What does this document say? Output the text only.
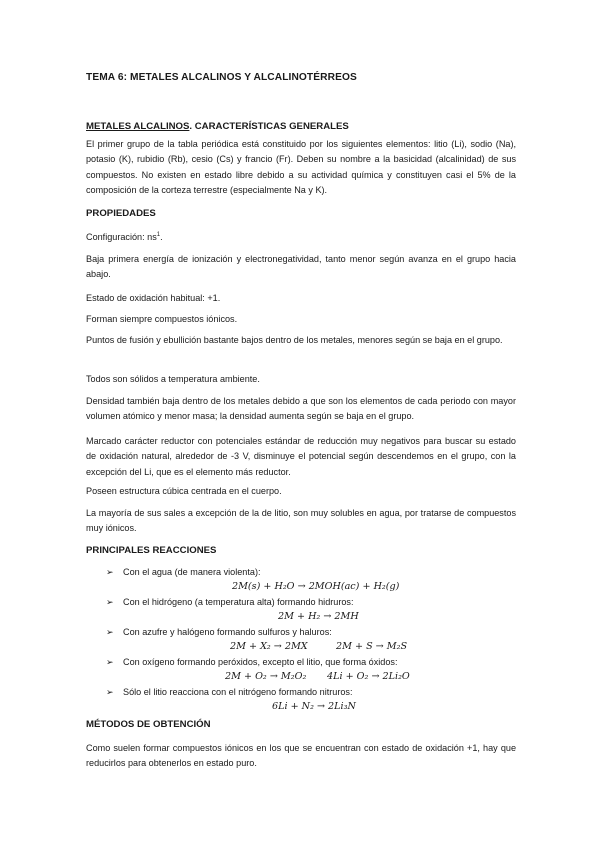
TEMA 6: METALES ALCALINOS Y ALCALINOTÉRREOS
METALES ALCALINOS. CARACTERÍSTICAS GENERALES

El primer grupo de la tabla periódica está constituido por los siguientes elementos: litio (Li), sodio (Na), potasio (K), rubidio (Rb), cesio (Cs) y francio (Fr). Deben su nombre a la basicidad (alcalinidad) de sus compuestos. No existen en estado libre debido a su actividad química y constituyen casi el 5% de la composición de la corteza terrestre (especialmente Na y K).

PROPIEDADES
Configuración: $ns^1$.

Baja primera energía de ionización y electronegatividad, tanto menor según avanza en el grupo hacia abajo.

Estado de oxidación habitual: +1.
Forman siempre compuestos iónicos.

Puntos de fusión y ebullición bastante bajos dentro de los metales, menores según se baja en el grupo.

Todos son sólidos a temperatura ambiente.

Densidad también baja dentro de los metales debido a que son los elementos de cada periodo con mayor volumen atómico y menor masa; la densidad aumenta según se baja en el grupo.

Marcado carácter reductor con potenciales estándar de reducción muy negativos para buscar su estado de oxidación natural, alrededor de -3 V, disminuye el potencial según descendemos en el grupo, con la excepción del Li, que es el elemento más reductor.

Poseen estructura cúbica centrada en el cuerpo.

La mayoría de sus sales a excepción de la de litio, son muy solubles en agua, por tratarse de compuestos muy iónicos.

PRINCIPALES REACCIONES
➢ Con el agua (de manera violenta):
2M(s) + H₂O → 2MOH(ac) + H₂(g)
➢ Con el hidrógeno (a temperatura alta) formando hidruros:
2M + H₂ → 2MH
➢ Con azufre y halógeno formando sulfuros y haluros:
2M + X₂ → 2MX	2M + S → M₂S
➢ Con oxígeno formando peróxidos, excepto el litio, que forma óxidos:
2M + O₂ → M₂O₂ 4Li + O₂ → 2Li₂O
➢ Sólo el litio reacciona con el nitrógeno formando nitruros:
6Li + N₂ → 2Li₃N
MÉTODOS DE OBTENCIÓN

Como suelen formar compuestos iónicos en los que se encuentran con estado de oxidación +1, hay que reducirlos para obtenerlos en estado puro.
